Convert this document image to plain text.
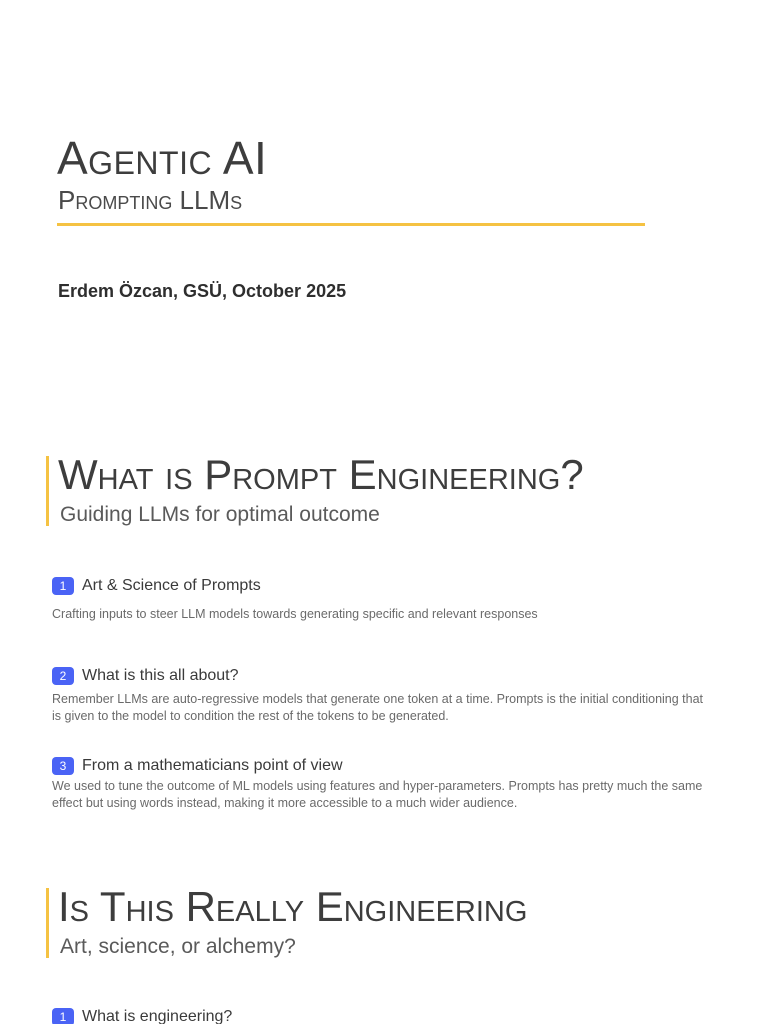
Agentic AI
Prompting LLMs
Erdem Özcan, GSÜ, October 2025
What is Prompt Engineering?
Guiding LLMs for optimal outcome
1 Art & Science of Prompts
Crafting inputs to steer LLM models towards generating specific and relevant responses
2 What is this all about?
Remember LLMs are auto-regressive models that generate one token at a time. Prompts is the initial conditioning that is given to the model to condition the rest of the tokens to be generated.
3 From a mathematicians point of view
We used to tune the outcome of ML models using features and hyper-parameters. Prompts has pretty much the same effect but using words instead, making it more accessible to a much wider audience.
Is This Really Engineering
Art, science, or alchemy?
1 What is engineering?
